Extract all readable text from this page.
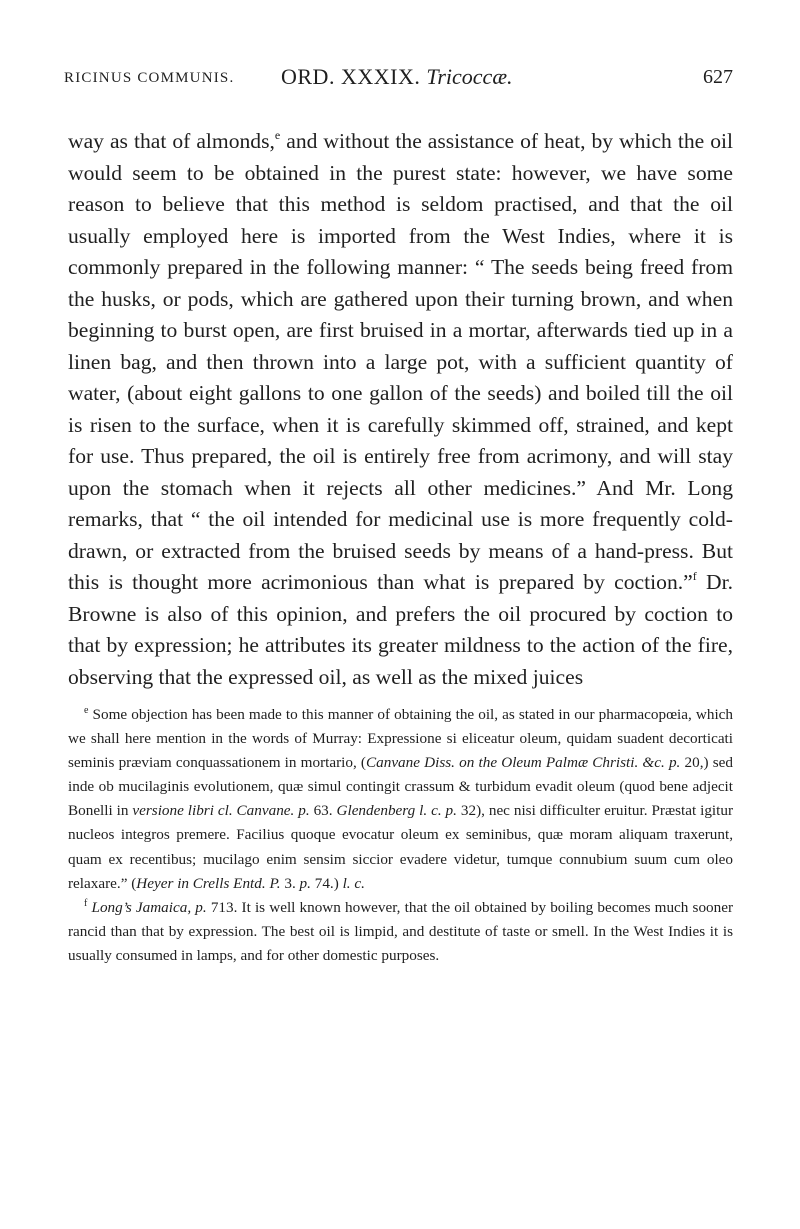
RICINUS COMMUNIS. ORD. XXXIX. Tricoccæ.	627

way as that of almonds,$^e$ and without the assistance of heat, by which the oil would seem to be obtained in the purest state: however, we have some reason to believe that this method is seldom practised, and that the oil usually employed here is imported from the West Indies, where it is commonly prepared in the following manner: “ The seeds being freed from the husks, or pods, which are gathered upon their turning brown, and when beginning to burst open, are first bruised in a mortar, afterwards tied up in a linen bag, and then thrown into a large pot, with a sufficient quantity of water, (about eight gallons to one gallon of the seeds) and boiled till the oil is risen to the surface, when it is carefully skimmed off, strained, and kept for use. Thus prepared, the oil is entirely free from acrimony, and will stay upon the stomach when it rejects all other medicines.” And Mr. Long remarks, that “ the oil intended for medicinal use is more frequently cold-drawn, or extracted from the bruised seeds by means of a hand-press. But this is thought more acrimonious than what is prepared by coction.”$^f$ Dr. Browne is also of this opinion, and prefers the oil procured by coction to that by expression; he attributes its greater mildness to the action of the fire, observing that the expressed oil, as well as the mixed juices

$^e$ Some objection has been made to this manner of obtaining the oil, as stated in our pharmacopœia, which we shall here mention in the words of Murray: Expressione si eliceatur oleum, quidam suadent decorticati seminis præviam conquassationem in mortario, (Canvane Diss. on the Oleum Palmæ Christi. &c. p. 20,) sed inde ob mucilaginis evolutionem, quæ simul contingit crassum & turbidum evadit oleum (quod bene adjecit Bonelli in versione libri cl. Canvane. p. 63. Glendenberg l. c. p. 32), nec nisi difficulter eruitur. Præstat igitur nucleos integros premere. Facilius quoque evocatur oleum ex seminibus, quæ moram aliquam traxerunt, quam ex recentibus; mucilago enim sensim siccior evadere videtur, tumque connubium suum cum oleo relaxare.” (Heyer in Crells Entd. P. 3. p. 74.) l. c.

$^f$ Long’s Jamaica, p. 713. It is well known however, that the oil obtained by boiling becomes much sooner rancid than that by expression. The best oil is limpid, and destitute of taste or smell. In the West Indies it is usually consumed in lamps, and for other domestic purposes.
